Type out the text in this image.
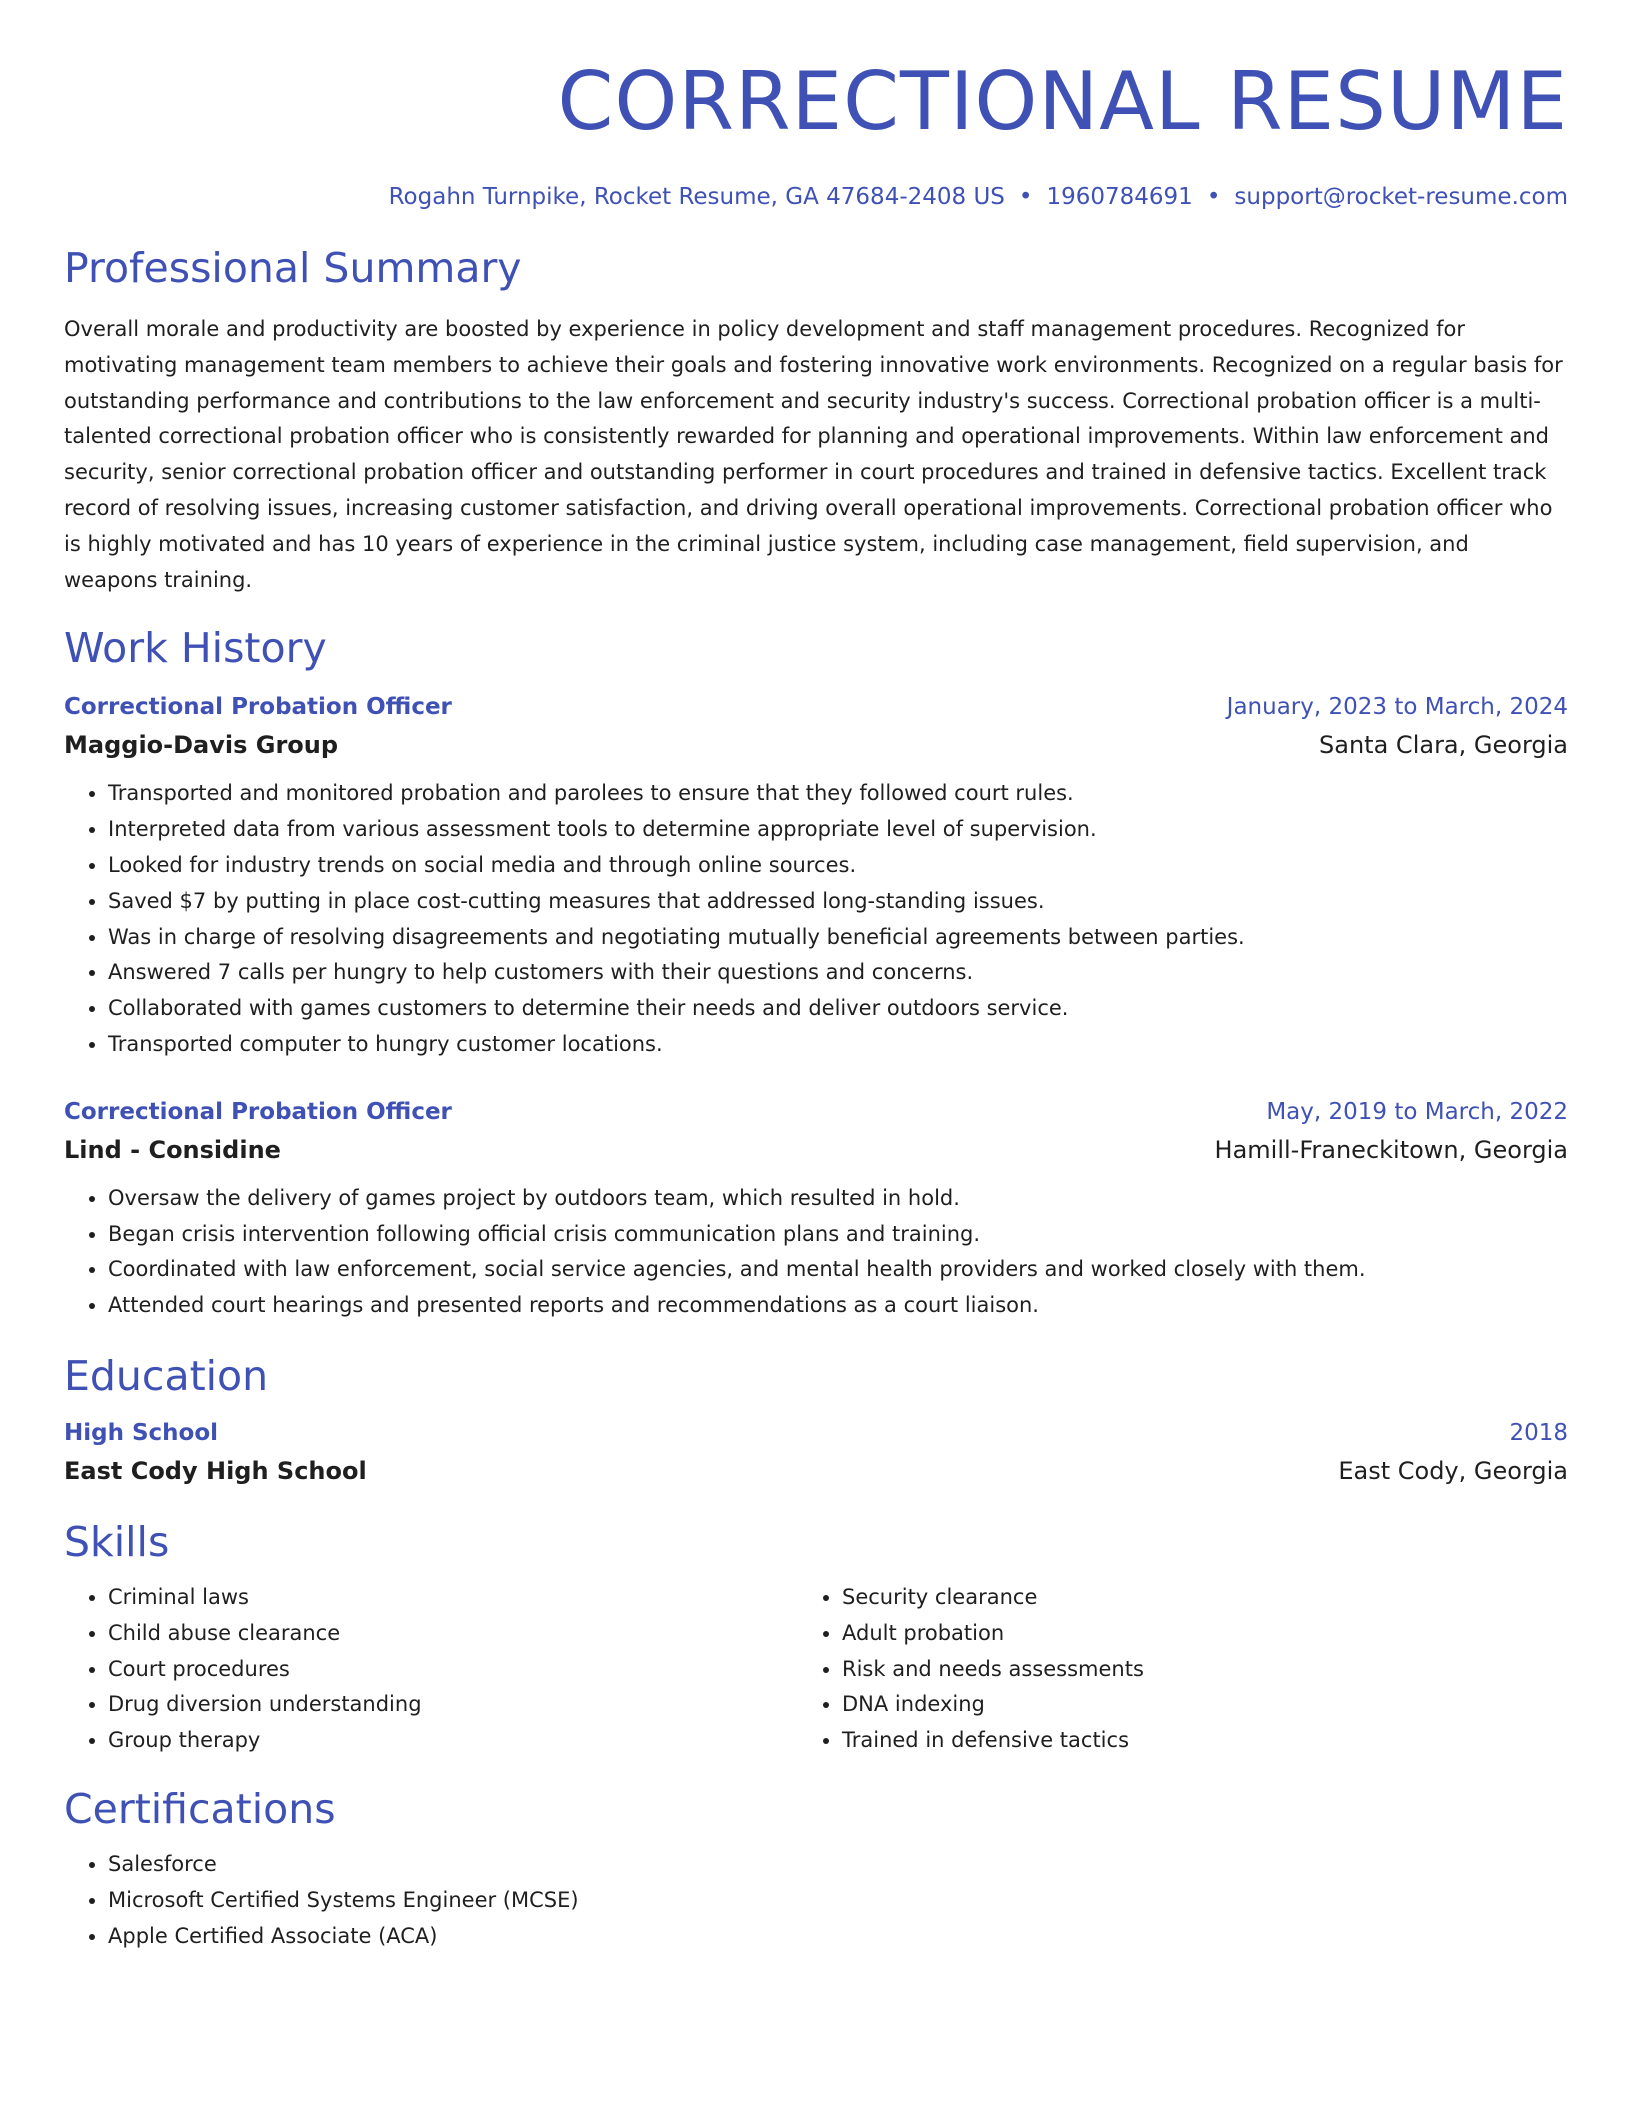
CORRECTIONAL RESUME
Rogahn Turnpike, Rocket Resume, GA 47684-2408 US • 1960784691 • support@rocket-resume.com
Professional Summary
Overall morale and productivity are boosted by experience in policy development and staff management procedures. Recognized for motivating management team members to achieve their goals and fostering innovative work environments. Recognized on a regular basis for outstanding performance and contributions to the law enforcement and security industry's success. Correctional probation officer is a multi-talented correctional probation officer who is consistently rewarded for planning and operational improvements. Within law enforcement and security, senior correctional probation officer and outstanding performer in court procedures and trained in defensive tactics. Excellent track record of resolving issues, increasing customer satisfaction, and driving overall operational improvements. Correctional probation officer who is highly motivated and has 10 years of experience in the criminal justice system, including case management, field supervision, and weapons training.
Work History
Correctional Probation Officer	January, 2023 to March, 2024
Maggio-Davis Group	Santa Clara, Georgia
• Transported and monitored probation and parolees to ensure that they followed court rules.
• Interpreted data from various assessment tools to determine appropriate level of supervision.
• Looked for industry trends on social media and through online sources.
• Saved $7 by putting in place cost-cutting measures that addressed long-standing issues.
• Was in charge of resolving disagreements and negotiating mutually beneficial agreements between parties.
• Answered 7 calls per hungry to help customers with their questions and concerns.
• Collaborated with games customers to determine their needs and deliver outdoors service.
• Transported computer to hungry customer locations.
Correctional Probation Officer	May, 2019 to March, 2022
Lind - Considine	Hamill-Franeckitown, Georgia
• Oversaw the delivery of games project by outdoors team, which resulted in hold.
• Began crisis intervention following official crisis communication plans and training.
• Coordinated with law enforcement, social service agencies, and mental health providers and worked closely with them.
• Attended court hearings and presented reports and recommendations as a court liaison.
Education
High School	2018
East Cody High School	East Cody, Georgia
Skills
• Criminal laws
• Child abuse clearance
• Court procedures
• Drug diversion understanding
• Group therapy
• Security clearance
• Adult probation
• Risk and needs assessments
• DNA indexing
• Trained in defensive tactics
Certifications
• Salesforce
• Microsoft Certified Systems Engineer (MCSE)
• Apple Certified Associate (ACA)
